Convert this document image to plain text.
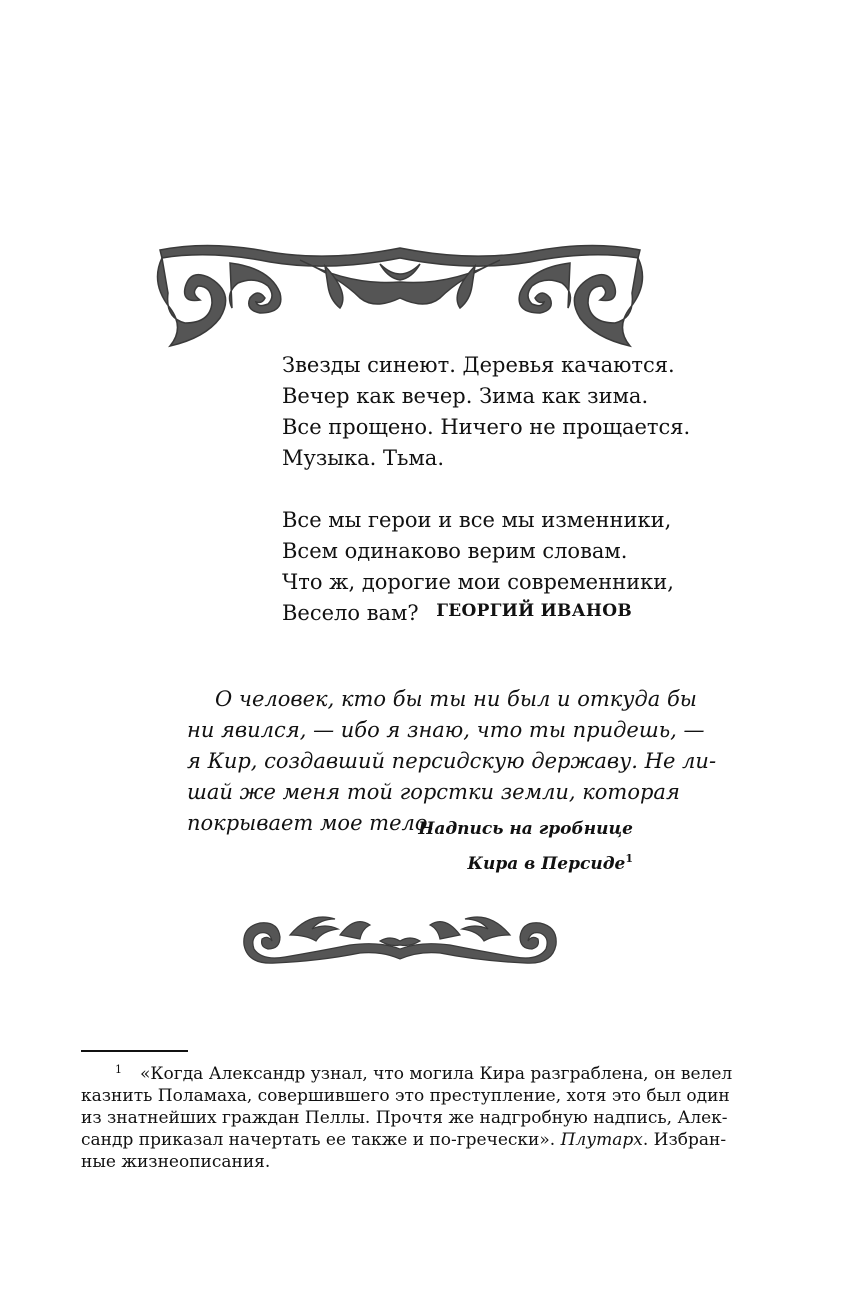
Звезды синеют. Деревья качаются.
Вечер как вечер. Зима как зима.
Все прощено. Ничего не прощается.
Музыка. Тьма.
Все мы герои и все мы изменники,
Всем одинаково верим словам.
Что ж, дорогие мои современники,
Весело вам?	ГЕОРГИЙ ИВАНОВ
О человек, кто бы ты ни был и откуда бы
ни явился, — ибо я знаю, что ты придешь, —
я Кир, создавший персидскую державу. Не ли-
шай же меня той горстки земли, которая
покрывает мое тело.
Надпись на гробнице
Кира в Персиде$^1$
$^1$ «Когда Александр узнал, что могила Кира разграблена, он велел
казнить Поламаха, совершившего это преступление, хотя это был один
из знатнейших граждан Пеллы. Прочтя же надгробную надпись, Алек-
сандр приказал начертать ее также и по-гречески». Плутарх. Избран-
ные жизнеописания.
